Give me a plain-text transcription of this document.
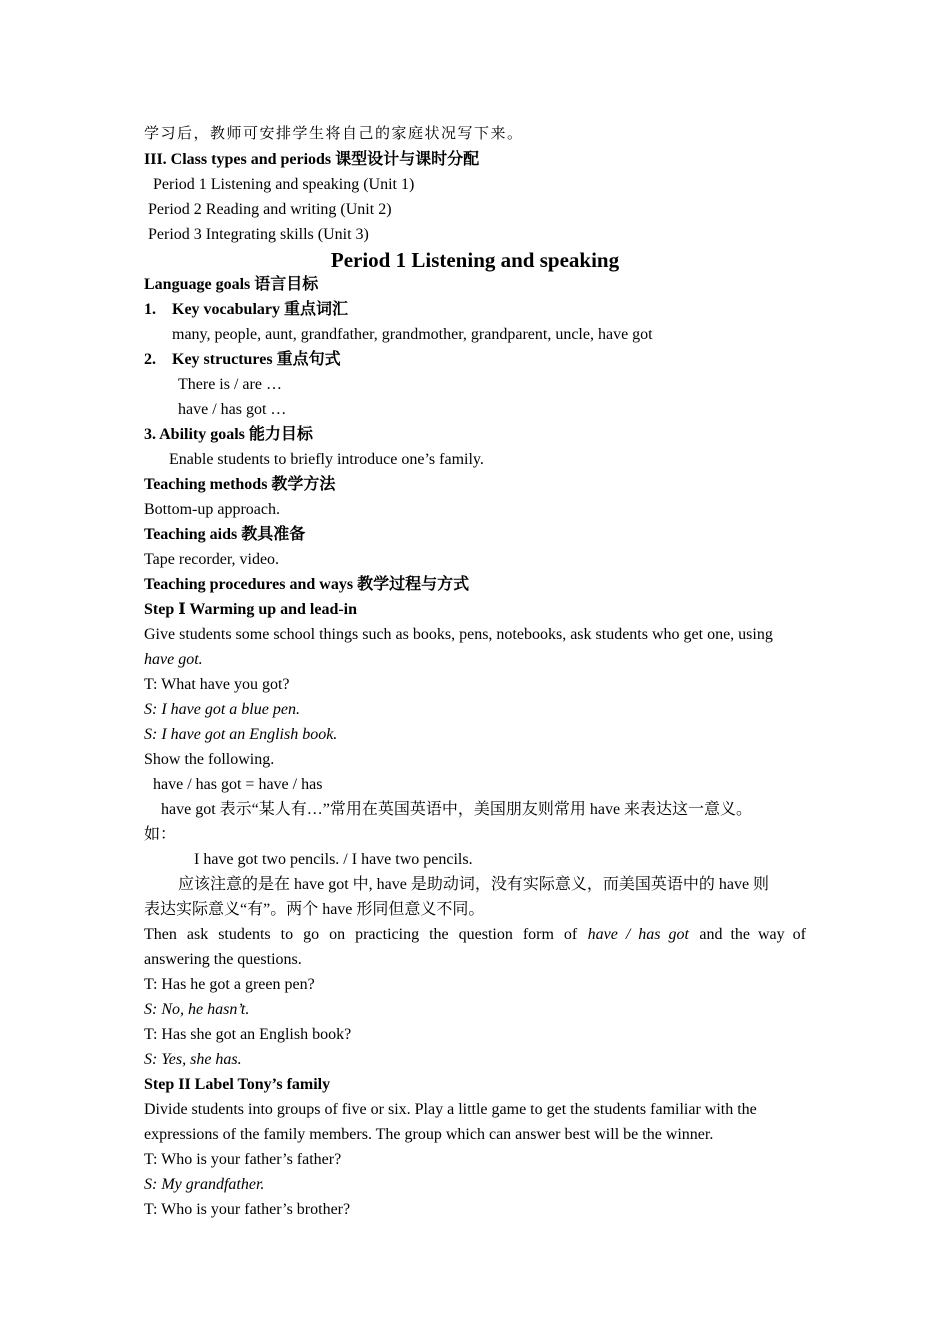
学习后，教师可安排学生将自己的家庭状况写下来。
III. Class types and periods 课型设计与课时分配
Period 1 Listening and speaking (Unit 1)
Period 2 Reading and writing (Unit 2)
Period 3 Integrating skills (Unit 3)
Period 1 Listening and speaking
Language goals 语言目标
1. Key vocabulary 重点词汇
many, people, aunt, grandfather, grandmother, grandparent, uncle, have got
2. Key structures 重点句式
There is / are …
have / has got …
3. Ability goals 能力目标
Enable students to briefly introduce one’s family.
Teaching methods 教学方法
Bottom-up approach.
Teaching aids 教具准备
Tape recorder, video.
Teaching procedures and ways 教学过程与方式
Step Ⅰ Warming up and lead-in
Give students some school things such as books, pens, notebooks, ask students who get one, using
have got.
T: What have you got?
S: I have got a blue pen.
S: I have got an English book.
Show the following.
have / has got = have / has
have got 表示“某人有…”常用在英国英语中，美国朋友则常用 have 来表达这一意义。
如：
I have got two pencils. / I have two pencils.
应该注意的是在 have got 中, have 是助动词，没有实际意义，而美国英语中的 have 则
表达实际意义“有”。两个 have 形同但意义不同。
Then ask students to go on practicing the question form of have / has got and the way of
answering the questions.
T: Has he got a green pen?
S: No, he hasn’t.
T: Has she got an English book?
S: Yes, she has.
Step II Label Tony’s family
Divide students into groups of five or six. Play a little game to get the students familiar with the
expressions of the family members. The group which can answer best will be the winner.
T: Who is your father’s father?
S: My grandfather.
T: Who is your father’s brother?
